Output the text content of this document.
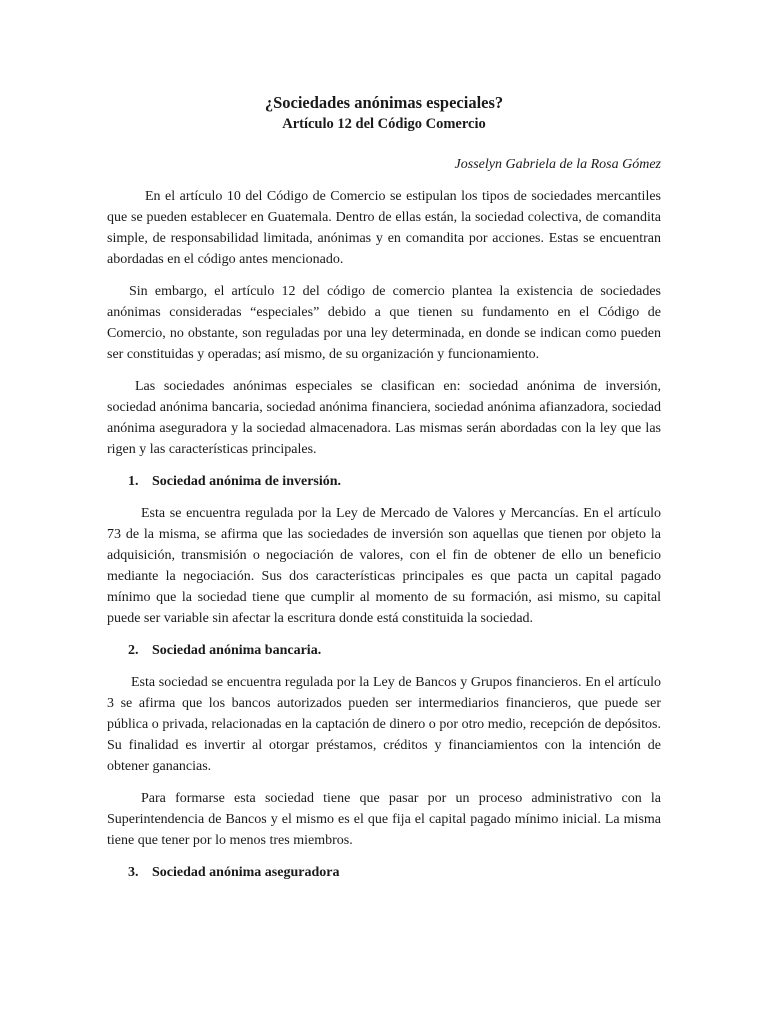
¿Sociedades anónimas especiales?
Artículo 12 del Código Comercio

Josselyn Gabriela de la Rosa Gómez

En el artículo 10 del Código de Comercio se estipulan los tipos de sociedades mercantiles que se pueden establecer en Guatemala. Dentro de ellas están, la sociedad colectiva, de comandita simple, de responsabilidad limitada, anónimas y en comandita por acciones. Estas se encuentran abordadas en el código antes mencionado.

Sin embargo, el artículo 12 del código de comercio plantea la existencia de sociedades anónimas consideradas “especiales” debido a que tienen su fundamento en el Código de Comercio, no obstante, son reguladas por una ley determinada, en donde se indican como pueden ser constituidas y operadas; así mismo, de su organización y funcionamiento.

Las sociedades anónimas especiales se clasifican en: sociedad anónima de inversión, sociedad anónima bancaria, sociedad anónima financiera, sociedad anónima afianzadora, sociedad anónima aseguradora y la sociedad almacenadora. Las mismas serán abordadas con la ley que las rigen y las características principales.

1. Sociedad anónima de inversión.

Esta se encuentra regulada por la Ley de Mercado de Valores y Mercancías. En el artículo 73 de la misma, se afirma que las sociedades de inversión son aquellas que tienen por objeto la adquisición, transmisión o negociación de valores, con el fin de obtener de ello un beneficio mediante la negociación. Sus dos características principales es que pacta un capital pagado mínimo que la sociedad tiene que cumplir al momento de su formación, asi mismo, su capital puede ser variable sin afectar la escritura donde está constituida la sociedad.

2. Sociedad anónima bancaria.

Esta sociedad se encuentra regulada por la Ley de Bancos y Grupos financieros. En el artículo 3 se afirma que los bancos autorizados pueden ser intermediarios financieros, que puede ser pública o privada, relacionadas en la captación de dinero o por otro medio, recepción de depósitos. Su finalidad es invertir al otorgar préstamos, créditos y financiamientos con la intención de obtener ganancias.

Para formarse esta sociedad tiene que pasar por un proceso administrativo con la Superintendencia de Bancos y el mismo es el que fija el capital pagado mínimo inicial. La misma tiene que tener por lo menos tres miembros.

3. Sociedad anónima aseguradora
